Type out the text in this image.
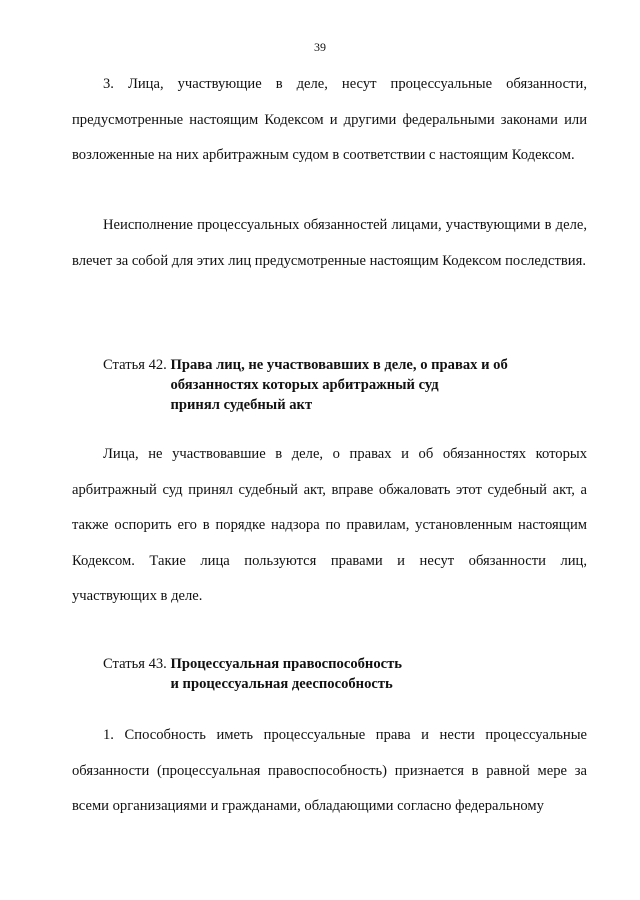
39

3. Лица, участвующие в деле, несут процессуальные обязанности, предусмотренные настоящим Кодексом и другими федеральными законами или возложенные на них арбитражным судом в соответствии с настоящим Кодексом.

Неисполнение процессуальных обязанностей лицами, участвующими в деле, влечет за собой для этих лиц предусмотренные настоящим Кодексом последствия.

Статья 42. Права лиц, не участвовавших в деле, о правах и об
обязанностях которых арбитражный суд
принял судебный акт

Лица, не участвовавшие в деле, о правах и об обязанностях которых арбитражный суд принял судебный акт, вправе обжаловать этот судебный акт, а также оспорить его в порядке надзора по правилам, установленным настоящим Кодексом. Такие лица пользуются правами и несут обязанности лиц, участвующих в деле.

Статья 43. Процессуальная правоспособность
и процессуальная дееспособность

1. Способность иметь процессуальные права и нести процессуальные обязанности (процессуальная правоспособность) признается в равной мере за всеми организациями и гражданами, обладающими согласно федеральному
